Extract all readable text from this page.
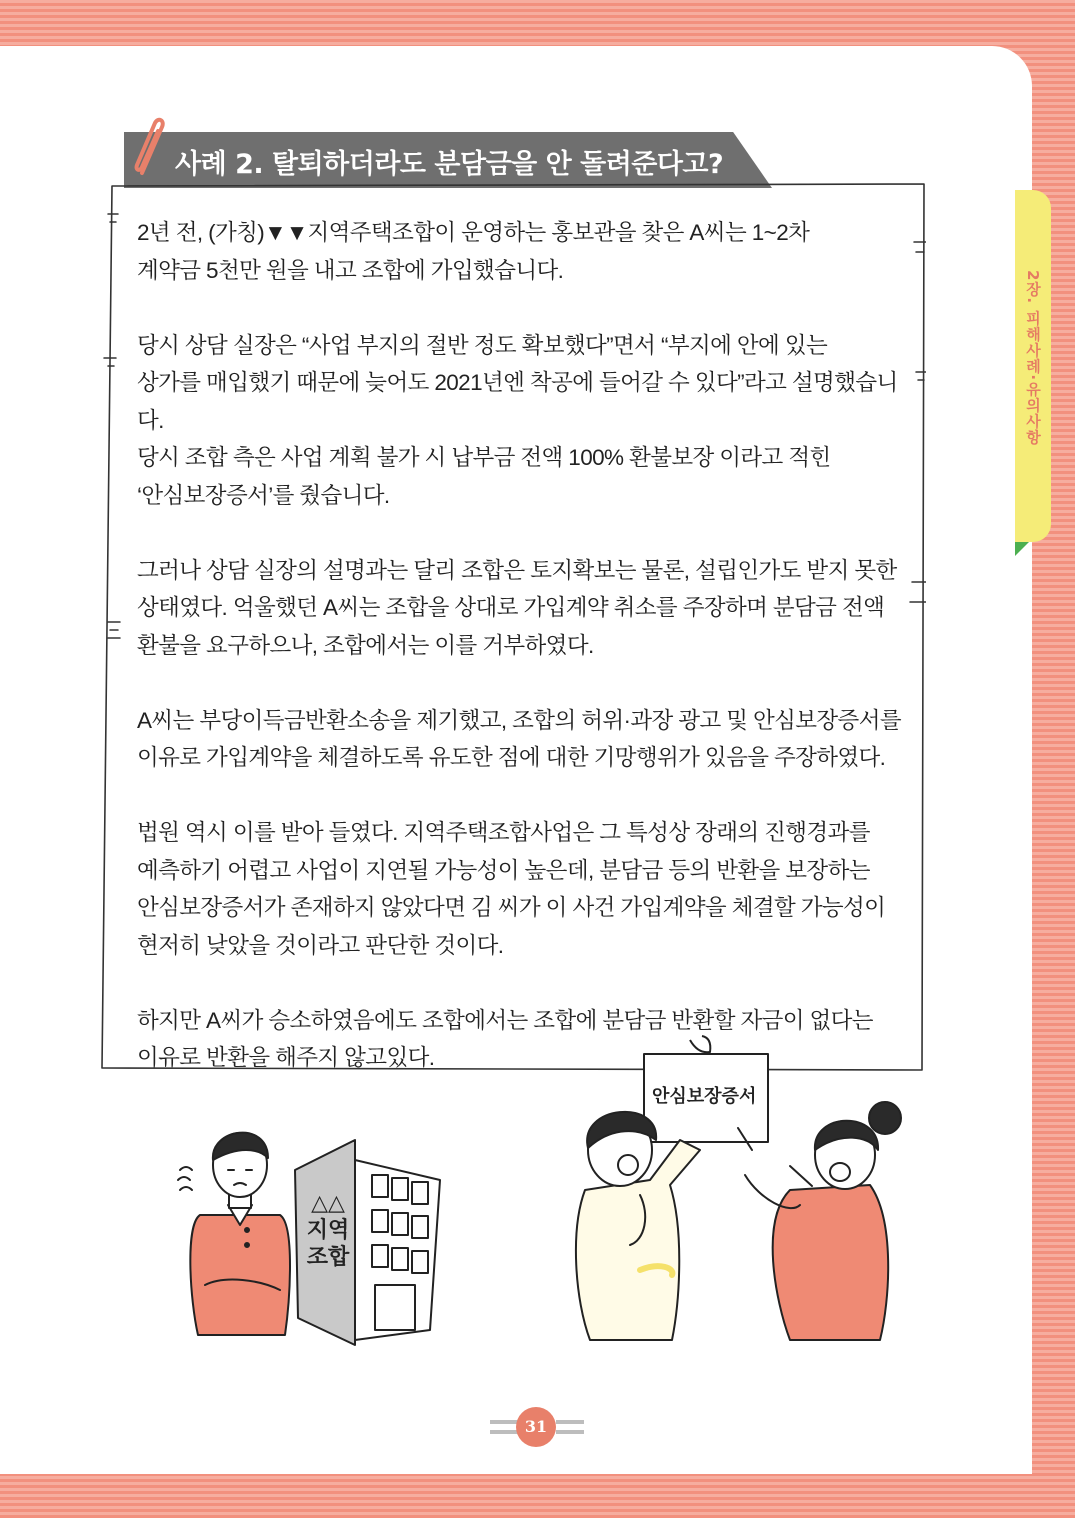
2장. 피해사례·유의사항
사례 2. 탈퇴하더라도 분담금을 안 돌려준다고?

2년 전, (가칭)▼▼지역주택조합이 운영하는 홍보관을 찾은 A씨는 1~2차
계약금 5천만 원을 내고 조합에 가입했습니다.

당시 상담 실장은 “사업 부지의 절반 정도 확보했다”면서 “부지에 안에 있는
상가를 매입했기 때문에 늦어도 2021년엔 착공에 들어갈 수 있다”라고 설명했습니다.
당시 조합 측은 사업 계획 불가 시 납부금 전액 100% 환불보장 이라고 적힌
‘안심보장증서’를 줬습니다.

그러나 상담 실장의 설명과는 달리 조합은 토지확보는 물론, 설립인가도 받지 못한
상태였다. 억울했던 A씨는 조합을 상대로 가입계약 취소를 주장하며 분담금 전액
환불을 요구하으나, 조합에서는 이를 거부하였다.

A씨는 부당이득금반환소송을 제기했고, 조합의 허위·과장 광고 및 안심보장증서를
이유로 가입계약을 체결하도록 유도한 점에 대한 기망행위가 있음을 주장하였다.

법원 역시 이를 받아 들였다. 지역주택조합사업은 그 특성상 장래의 진행경과를
예측하기 어렵고 사업이 지연될 가능성이 높은데, 분담금 등의 반환을 보장하는
안심보장증서가 존재하지 않았다면 김 씨가 이 사건 가입계약을 체결할 가능성이
현저히 낮았을 것이라고 판단한 것이다.

하지만 A씨가 승소하였음에도 조합에서는 조합에 분담금 반환할 자금이 없다는
이유로 반환을 해주지 않고있다.

△△
지역
조합
안심보장증서
31
